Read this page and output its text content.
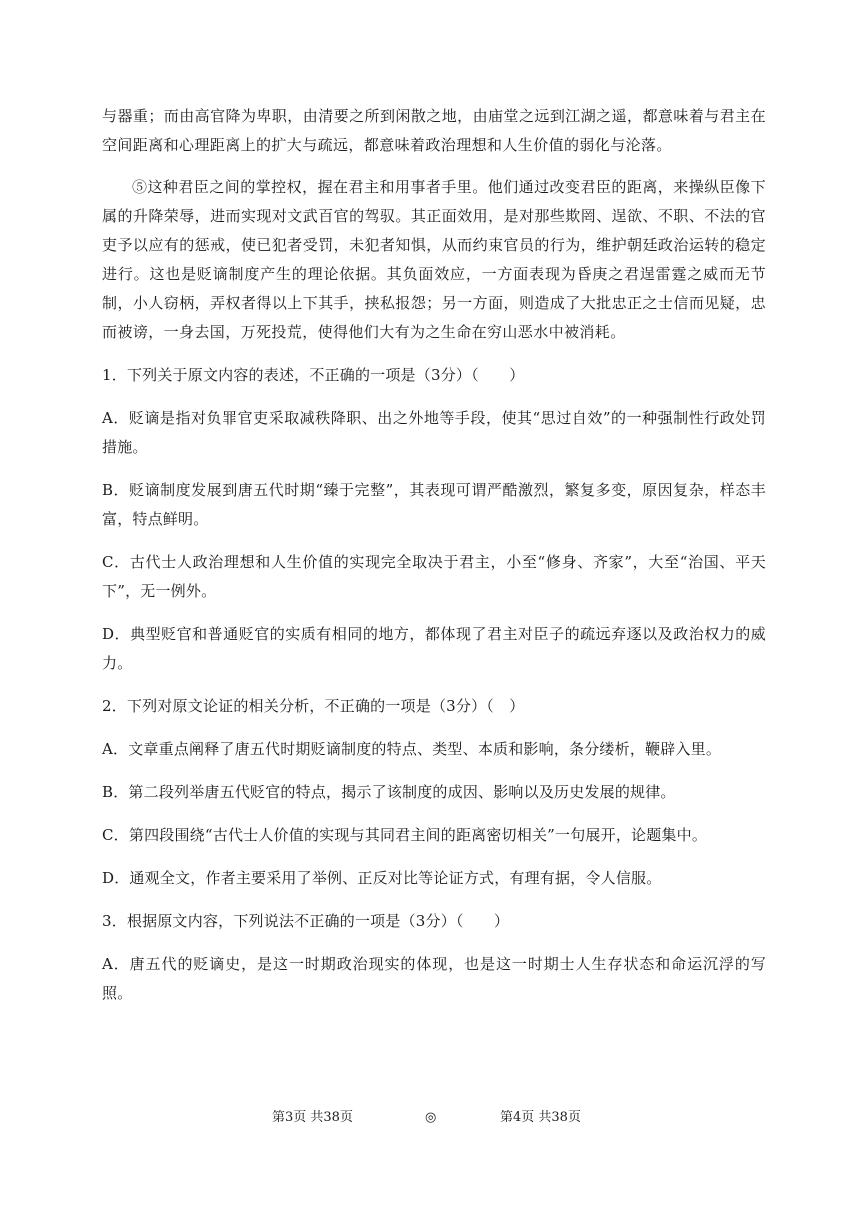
与器重；而由高官降为卑职，由清要之所到闲散之地，由庙堂之远到江湖之遥，都意味着与君主在空间距离和心理距离上的扩大与疏远，都意味着政治理想和人生价值的弱化与沦落。

⑤这种君臣之间的掌控权，握在君主和用事者手里。他们通过改变君臣的距离，来操纵臣像下属的升降荣辱，进而实现对文武百官的驾驭。其正面效用，是对那些欺罔、逞欲、不职、不法的官吏予以应有的惩戒，使已犯者受罚，未犯者知惧，从而约束官员的行为，维护朝廷政治运转的稳定进行。这也是贬谪制度产生的理论依据。其负面效应，一方面表现为昏庚之君逞雷霆之威而无节制，小人窃柄，弄权者得以上下其手，挟私报怨；另一方面，则造成了大批忠正之士信而见疑，忠而被谤，一身去国，万死投荒，使得他们大有为之生命在穷山恶水中被消耗。

1．下列关于原文内容的表述，不正确的一项是（3分）（　　）

A．贬谪是指对负罪官吏采取减秩降职、出之外地等手段，使其“思过自效”的一种强制性行政处罚措施。

B．贬谪制度发展到唐五代时期“臻于完整”，其表现可谓严酷激烈，繁复多变，原因复杂，样态丰富，特点鲜明。

C．古代士人政治理想和人生价值的实现完全取决于君主，小至“修身、齐家”，大至“治国、平天下”，无一例外。

D．典型贬官和普通贬官的实质有相同的地方，都体现了君主对臣子的疏远弃逐以及政治权力的威力。

2．下列对原文论证的相关分析，不正确的一项是（3分）（　）

A．文章重点阐释了唐五代时期贬谪制度的特点、类型、本质和影响，条分缕析，鞭辟入里。

B．第二段列举唐五代贬官的特点，揭示了该制度的成因、影响以及历史发展的规律。

C．第四段围绕“古代士人价值的实现与其同君主间的距离密切相关”一句展开，论题集中。

D．通观全文，作者主要采用了举例、正反对比等论证方式，有理有据，令人信服。

3．根据原文内容，下列说法不正确的一项是（3分）（　　）

A．唐五代的贬谪史，是这一时期政治现实的体现，也是这一时期士人生存状态和命运沉浮的写照。

第3页 共38页	◎	第4页 共38页
